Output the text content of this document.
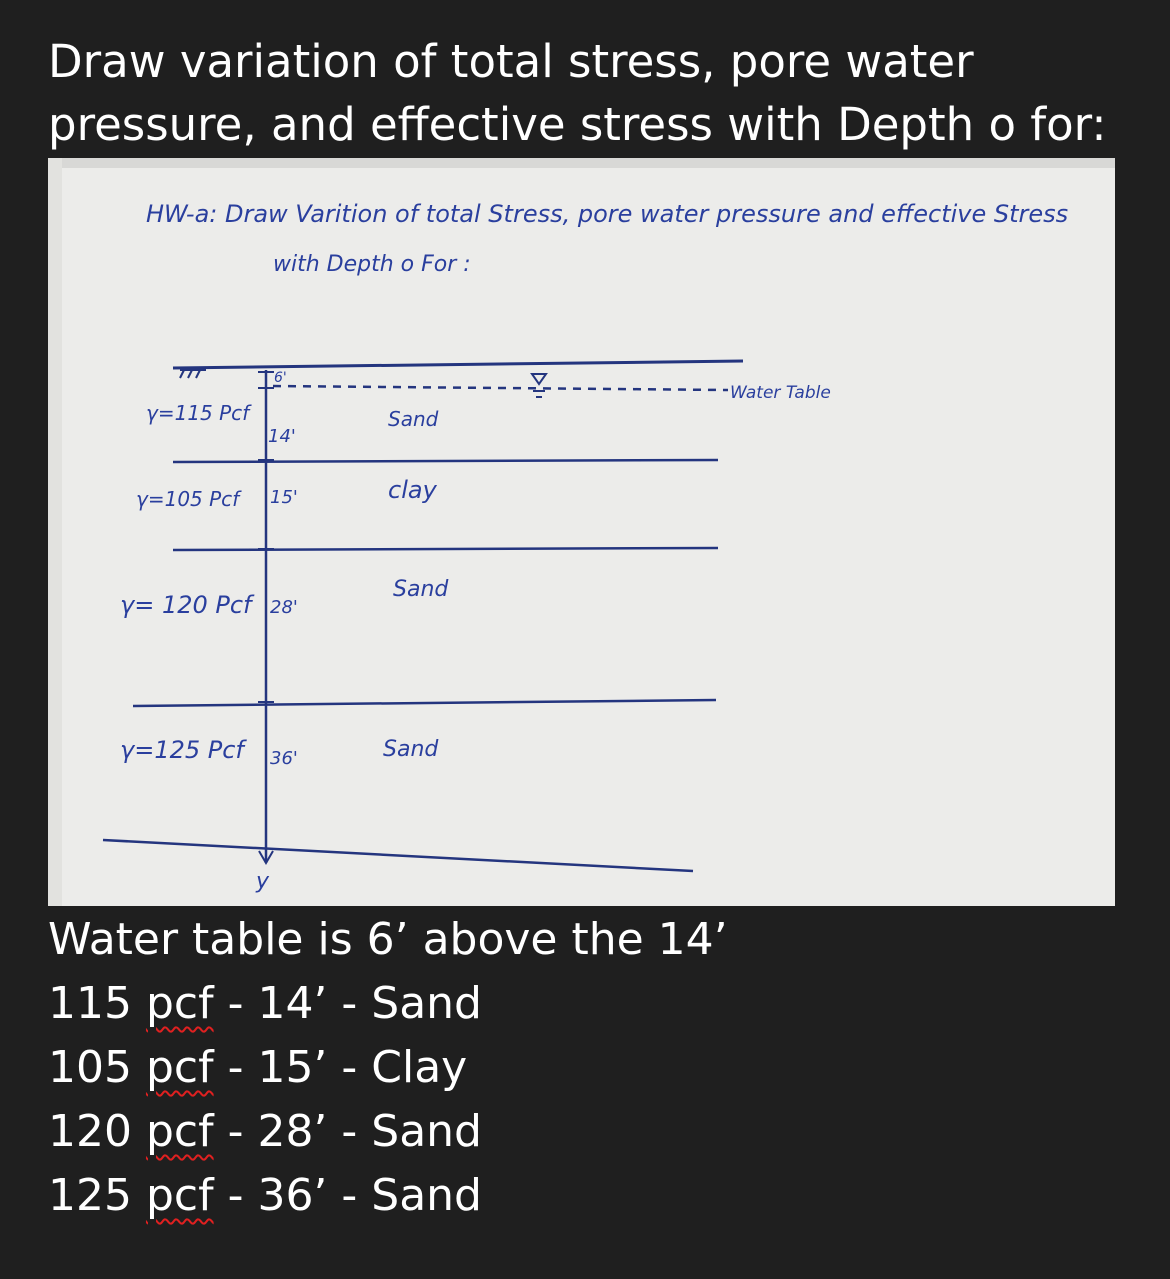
Draw variation of total stress, pore water
pressure, and effective stress with Depth o for:
HW-a: Draw Varition of total Stress, pore water pressure and effective Stress
with Depth o For :
Water Table
y
6'
γ=115 Pcf
14'
Sand
γ=105 Pcf 15'	clay
γ= 120 Pcf 28'
Sand
γ=125 Pcf 36'	Sand
Water table is 6’ above the 14’
115 pcf - 14’ - Sand
105 pcf - 15’ - Clay
120 pcf - 28’ - Sand
125 pcf - 36’ - Sand
